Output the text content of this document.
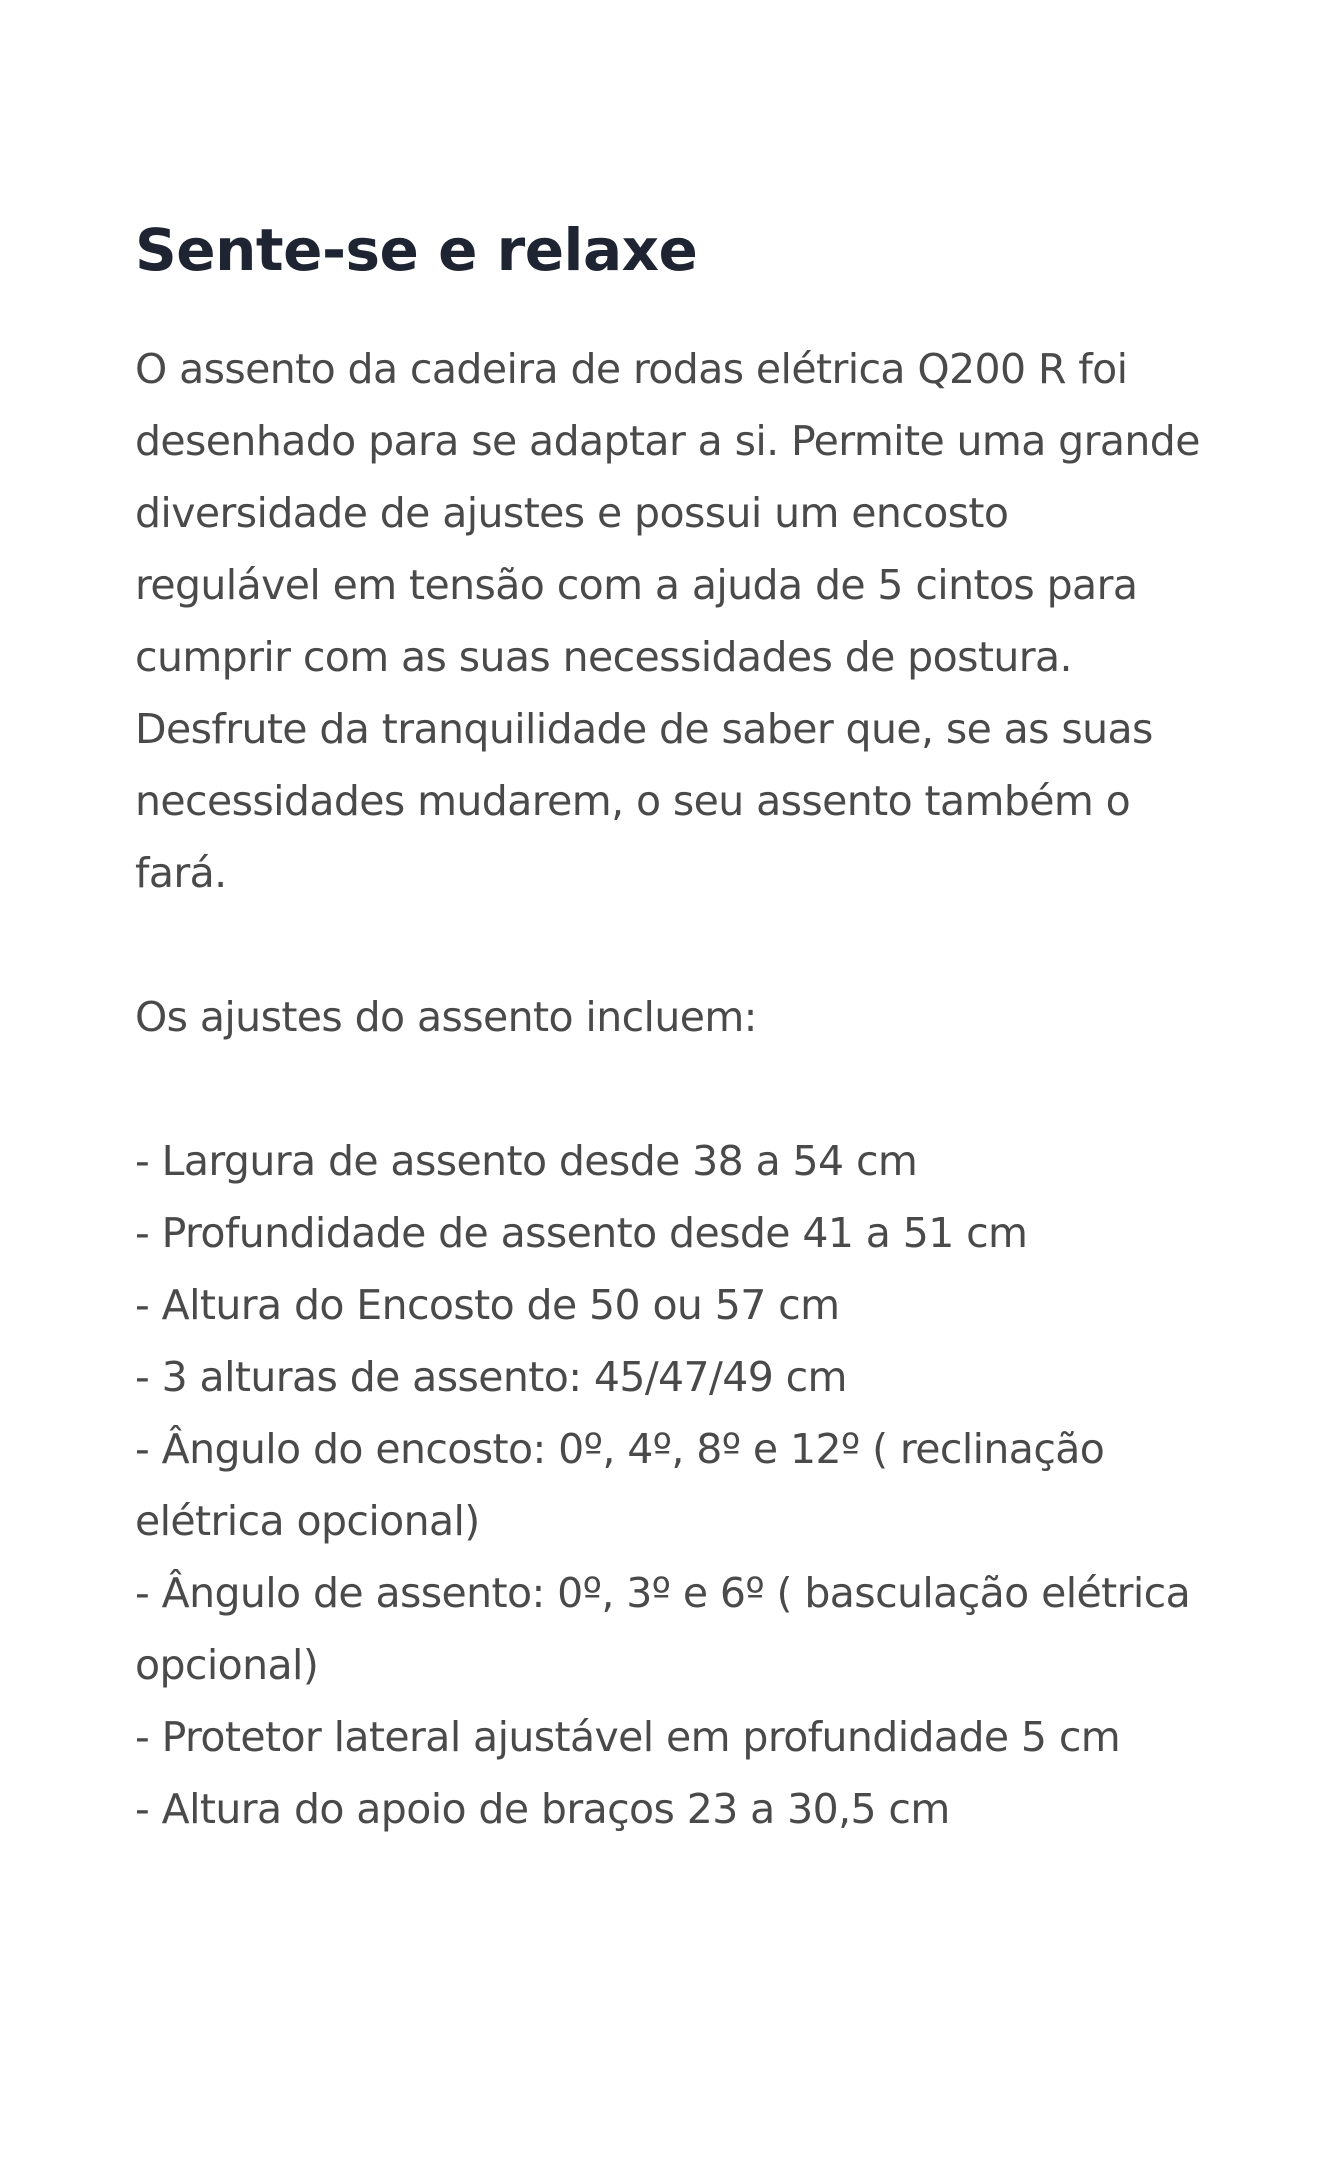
Sente-se e relaxe

O assento da cadeira de rodas elétrica Q200 R foi desenhado para se adaptar a si. Permite uma grande diversidade de ajustes e possui um encosto regulável em tensão com a ajuda de 5 cintos para cumprir com as suas necessidades de postura. Desfrute da tranquilidade de saber que, se as suas necessidades mudarem, o seu assento também o fará.

Os ajustes do assento incluem:

- Largura de assento desde 38 a 54 cm
- Profundidade de assento desde 41 a 51 cm
- Altura do Encosto de 50 ou 57 cm
- 3 alturas de assento: 45/47/49 cm
- Ângulo do encosto: 0º, 4º, 8º e 12º ( reclinação elétrica opcional)
- Ângulo de assento: 0º, 3º e 6º ( basculação elétrica opcional)
- Protetor lateral ajustável em profundidade 5 cm
- Altura do apoio de braços 23 a 30,5 cm
